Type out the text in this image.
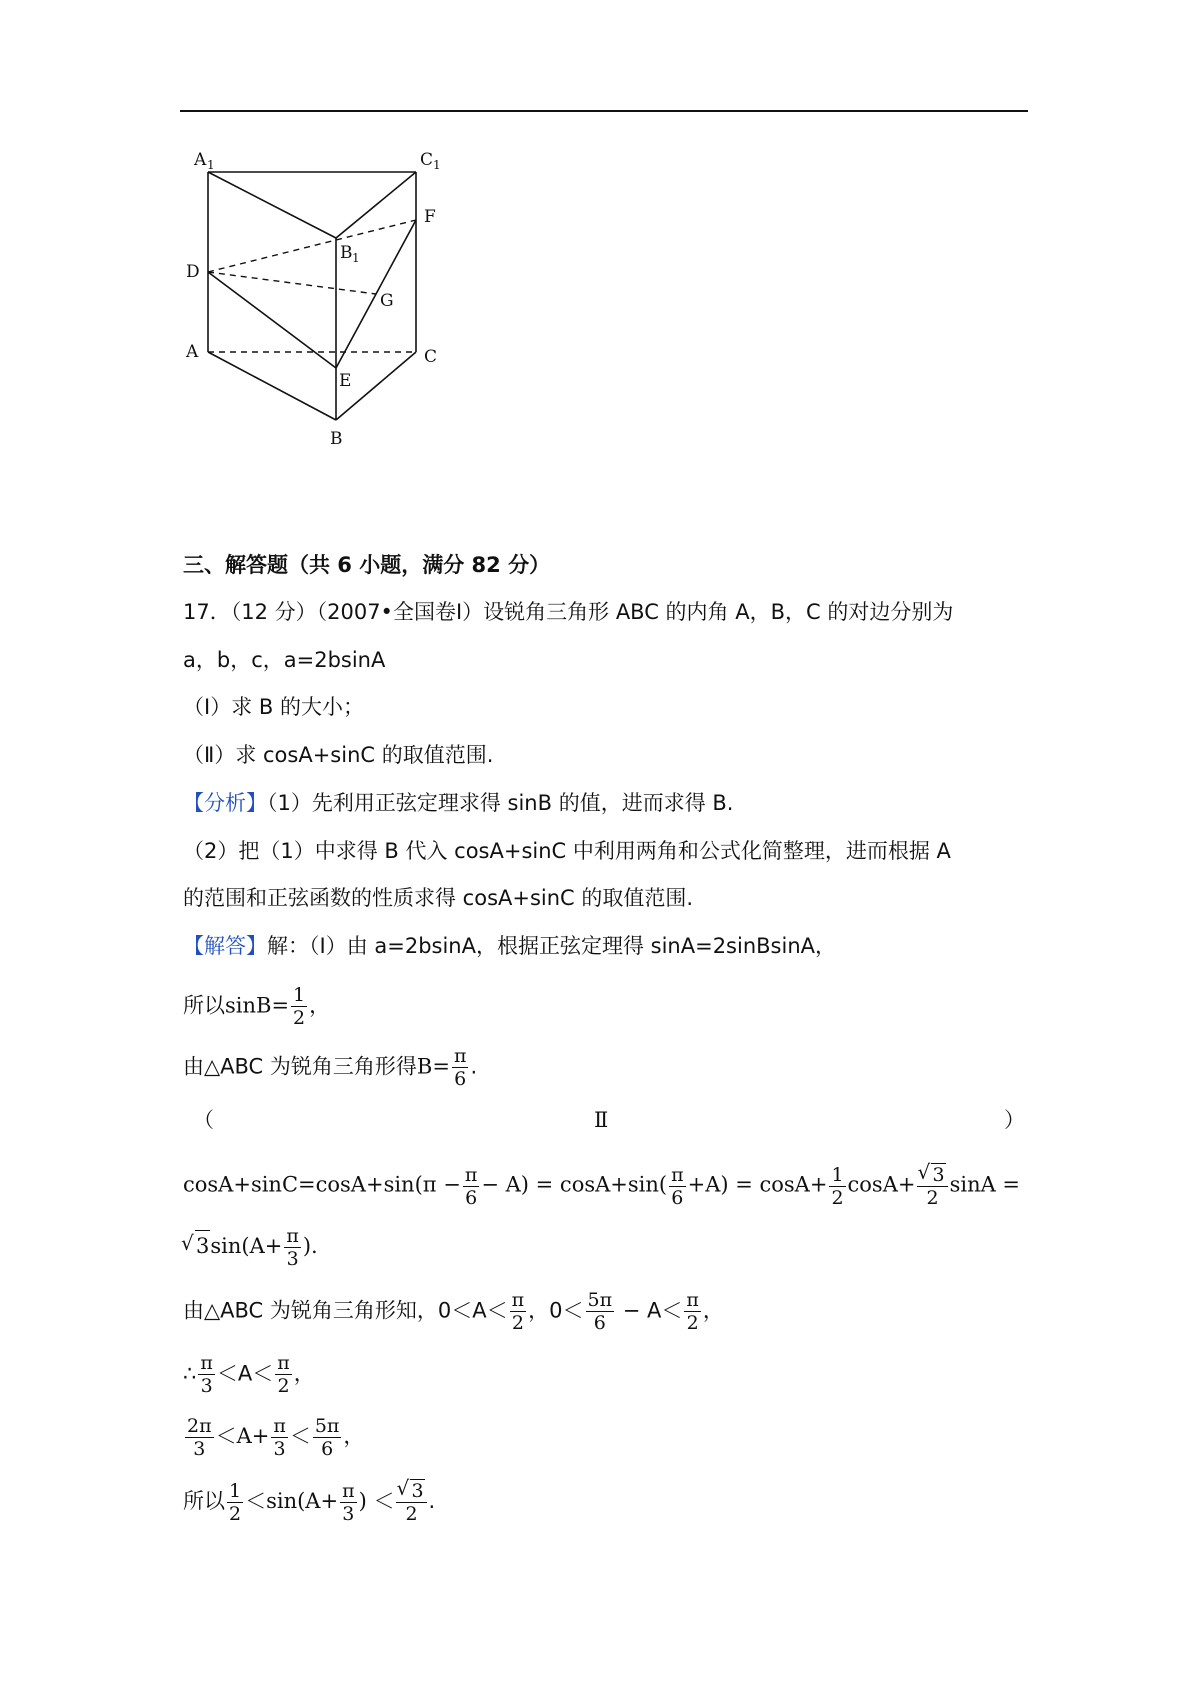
A 1	C 1
B 1
D
F
G
A	C
E
B
三、解答题（共 6 小题，满分 82 分）
17．（12 分）（2007•全国卷Ⅰ）设锐角三角形 ABC 的内角 A，B，C 的对边分别为
a，b，c，a=2bsinA
（Ⅰ）求 B 的大小；
（Ⅱ）求 cosA+sinC 的取值范围.
【分析】（1）先利用正弦定理求得 sinB 的值，进而求得 B.
（2）把（1）中求得 B 代入 cosA+sinC 中利用两角和公式化简整理，进而根据 A
的范围和正弦函数的性质求得 cosA+sinC 的取值范围.
【解答】解：（Ⅰ）由 a=2bsinA，根据正弦定理得 sinA=2sinBsinA，
所以$\sin B= \frac{1}{2}$ ，
由△ABC 为锐角三角形得$B= \frac{\pi}{6}$ .
（	Ⅱ	）
$\cos A+\sin C=\cos A+\sin(\pi - \frac{\pi}{6} - A) = \cos A+\sin( \frac{\pi}{6} +A) = \cos A+ \frac{1}{2} \cos A+$ √ $\frac{3}{2}$ sinA =
√ $3\sin(A+ \frac{\pi}{3}$ ).
由△ABC 为锐角三角形知，$0<A< \frac{\pi}{2}$ ，$0< \frac{5\pi}{6} - A< \frac{\pi}{2}$ ，
∴ $\frac{\pi}{3} <A< \frac{\pi}{2}$ ，
$\frac{2\pi}{3} <A+ \frac{\pi}{3} < \frac{5\pi}{6}$ ，
所以 $\frac{1}{2} <\sin(A+ \frac{\pi}{3}$ ) ＜ √ $\frac{3}{2}$ .
